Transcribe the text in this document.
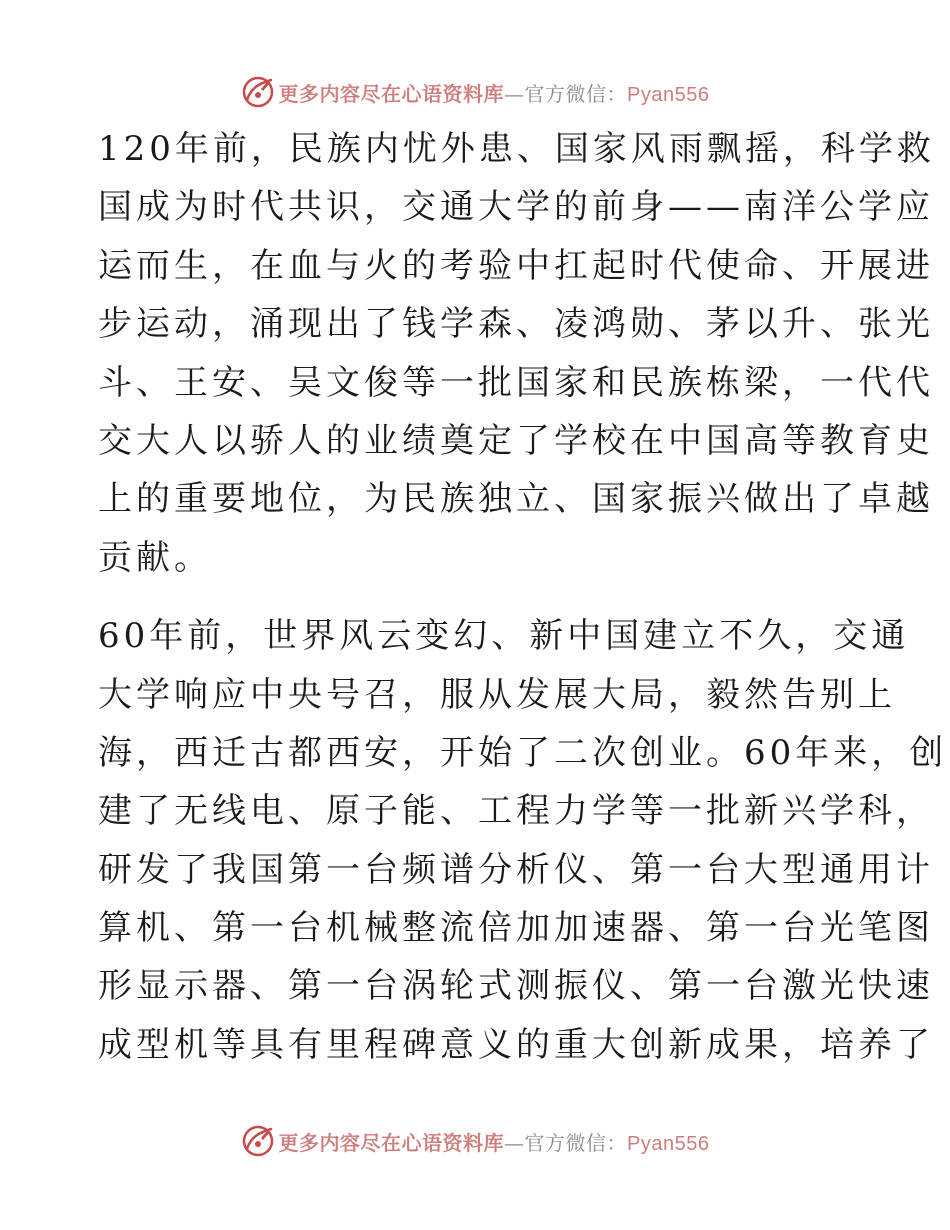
更多内容尽在心语资料库—官方微信：Pyan556
120年前，民族内忧外患、国家风雨飘摇，科学救
国成为时代共识，交通大学的前身——南洋公学应
运而生，在血与火的考验中扛起时代使命、开展进
步运动，涌现出了钱学森、凌鸿勋、茅以升、张光
斗、王安、吴文俊等一批国家和民族栋梁，一代代
交大人以骄人的业绩奠定了学校在中国高等教育史
上的重要地位，为民族独立、国家振兴做出了卓越
贡献。
60年前，世界风云变幻、新中国建立不久，交通
大学响应中央号召，服从发展大局，毅然告别上
海，西迁古都西安，开始了二次创业。60年来，创
建了无线电、原子能、工程力学等一批新兴学科，
研发了我国第一台频谱分析仪、第一台大型通用计
算机、第一台机械整流倍加加速器、第一台光笔图
形显示器、第一台涡轮式测振仪、第一台激光快速
成型机等具有里程碑意义的重大创新成果，培养了
更多内容尽在心语资料库—官方微信：Pyan556
